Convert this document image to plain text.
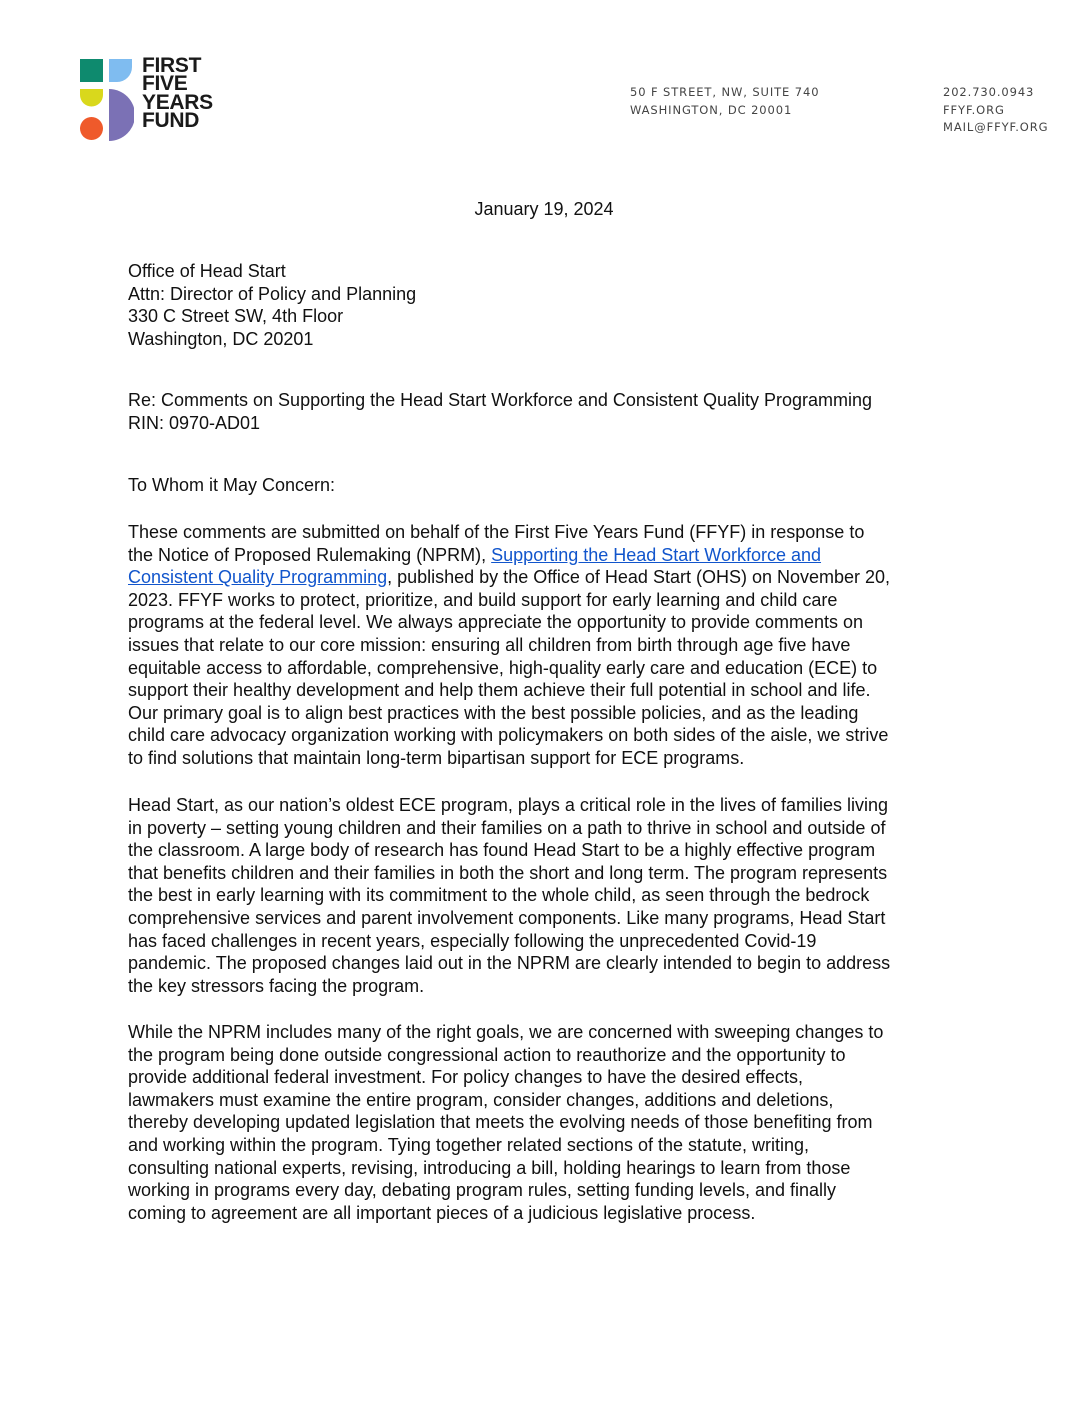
FIRST
FIVE
YEARS
FUND
50 F STREET, NW, SUITE 740
WASHINGTON, DC 20001
202.730.0943
FFYF.ORG
MAIL@FFYF.ORG
January 19, 2024
Office of Head Start
Attn: Director of Policy and Planning
330 C Street SW, 4th Floor
Washington, DC 20201
Re: Comments on Supporting the Head Start Workforce and Consistent Quality Programming
RIN: 0970-AD01
To Whom it May Concern:
These comments are submitted on behalf of the First Five Years Fund (FFYF) in response to
the Notice of Proposed Rulemaking (NPRM), Supporting the Head Start Workforce and
Consistent Quality Programming, published by the Office of Head Start (OHS) on November 20,
2023. FFYF works to protect, prioritize, and build support for early learning and child care
programs at the federal level. We always appreciate the opportunity to provide comments on
issues that relate to our core mission: ensuring all children from birth through age five have
equitable access to affordable, comprehensive, high-quality early care and education (ECE) to
support their healthy development and help them achieve their full potential in school and life.
Our primary goal is to align best practices with the best possible policies, and as the leading
child care advocacy organization working with policymakers on both sides of the aisle, we strive
to find solutions that maintain long-term bipartisan support for ECE programs.
Head Start, as our nation’s oldest ECE program, plays a critical role in the lives of families living
in poverty – setting young children and their families on a path to thrive in school and outside of
the classroom. A large body of research has found Head Start to be a highly effective program
that benefits children and their families in both the short and long term. The program represents
the best in early learning with its commitment to the whole child, as seen through the bedrock
comprehensive services and parent involvement components. Like many programs, Head Start
has faced challenges in recent years, especially following the unprecedented Covid-19
pandemic. The proposed changes laid out in the NPRM are clearly intended to begin to address
the key stressors facing the program.
While the NPRM includes many of the right goals, we are concerned with sweeping changes to
the program being done outside congressional action to reauthorize and the opportunity to
provide additional federal investment. For policy changes to have the desired effects,
lawmakers must examine the entire program, consider changes, additions and deletions,
thereby developing updated legislation that meets the evolving needs of those benefiting from
and working within the program. Tying together related sections of the statute, writing,
consulting national experts, revising, introducing a bill, holding hearings to learn from those
working in programs every day, debating program rules, setting funding levels, and finally
coming to agreement are all important pieces of a judicious legislative process.
